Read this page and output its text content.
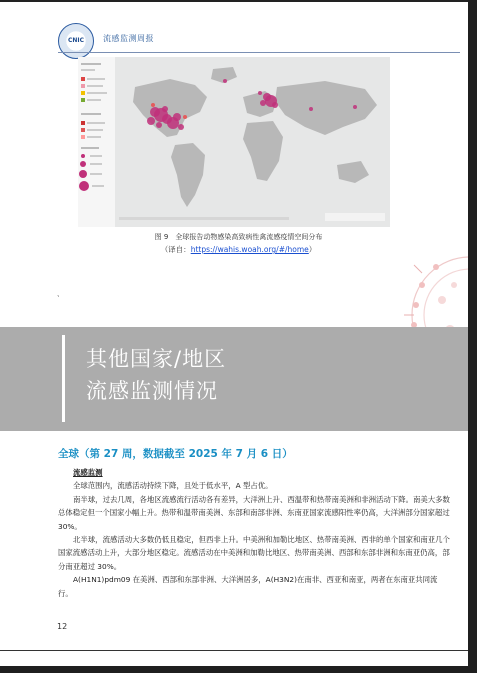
CNIC 流感监测周报
图 9　全球报告动物感染高致病性禽流感疫情空间分布
（译自：https://wahis.woah.org/#/home）
、
其他国家/地区
流感监测情况
全球（第 27 周，数据截至 2025 年 7 月 6 日）

流感监测

全球范围内，流感活动持续下降，且处于低水平，A 型占优。

南半球，过去几周，各地区流感流行活动各有差异，大洋洲上升、西温带和热带南美洲和非洲活动下降。南美大多数总体稳定但一个国家小幅上升。热带和温带南美洲、东部和南部非洲、东南亚国家流感阳性率仍高，大洋洲部分国家超过 30%。

北半球，流感活动大多数仍低且稳定，但西非上升。中美洲和加勒比地区、热带南美洲、西非的单个国家和南亚几个国家流感活动上升，大部分地区稳定。流感活动在中美洲和加勒比地区、热带南美洲、西部和东部非洲和东南亚仍高，部分南亚超过 30%。

A(H1N1)pdm09 在美洲、西部和东部非洲、大洋洲居多，A(H3N2)在南非、西亚和南亚，两者在东南亚共同流行。

12
